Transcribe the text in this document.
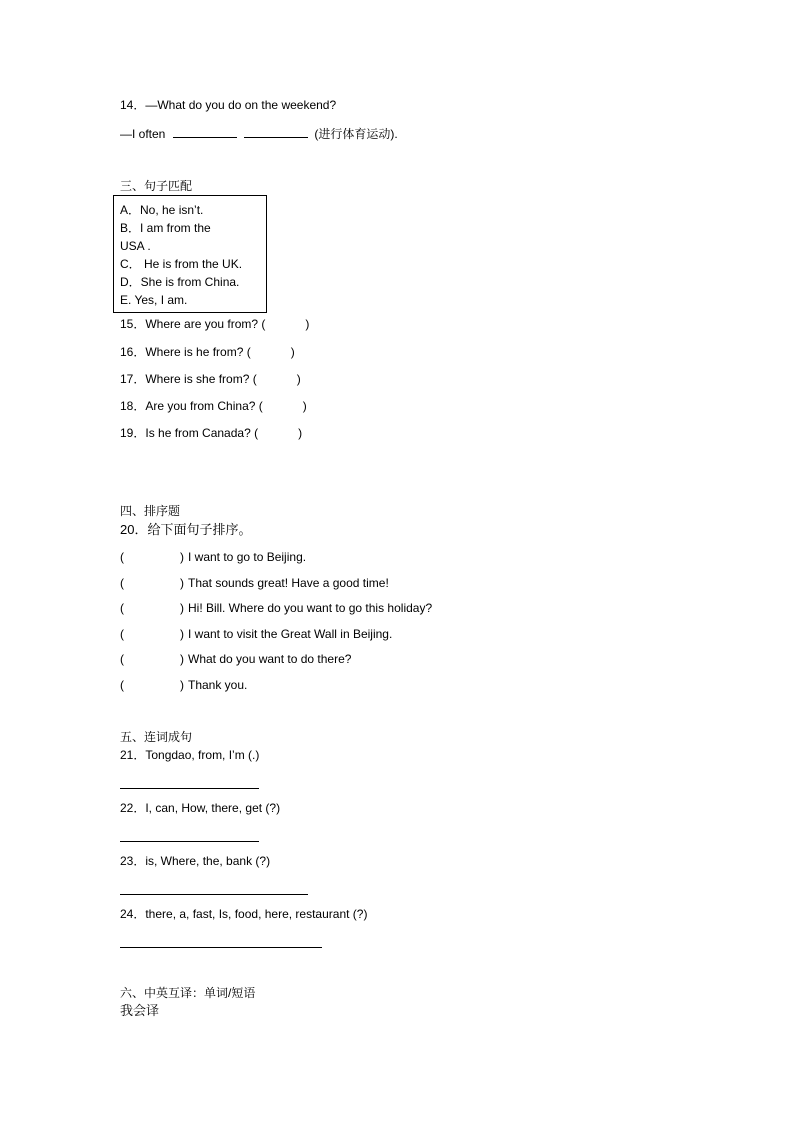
14．—What do you do on the weekend?
—I often	(进行体育运动).
三、句子匹配
A．No, he isn’t.
B．I am from the
USA .
C． He is from the UK.
D．She is from China.
E. Yes, I am.
15．Where are you from? (	)
16．Where is he from? (	)
17．Where is she from? (	)
18．Are you from China? (	)
19．Is he from Canada? (	)
四、排序题
20．给下面句子排序。
(	) I want to go to Beijing.
(	) That sounds great! Have a good time!
(	) Hi! Bill. Where do you want to go this holiday?
(	) I want to visit the Great Wall in Beijing.
(	) What do you want to do there?
(	) Thank you.
五、连词成句
21．Tongdao, from, I’m (.)
22．I, can, How, there, get (?)
23．is, Where, the, bank (?)
24．there, a, fast, Is, food, here, restaurant (?)
六、中英互译：单词/短语
我会译
